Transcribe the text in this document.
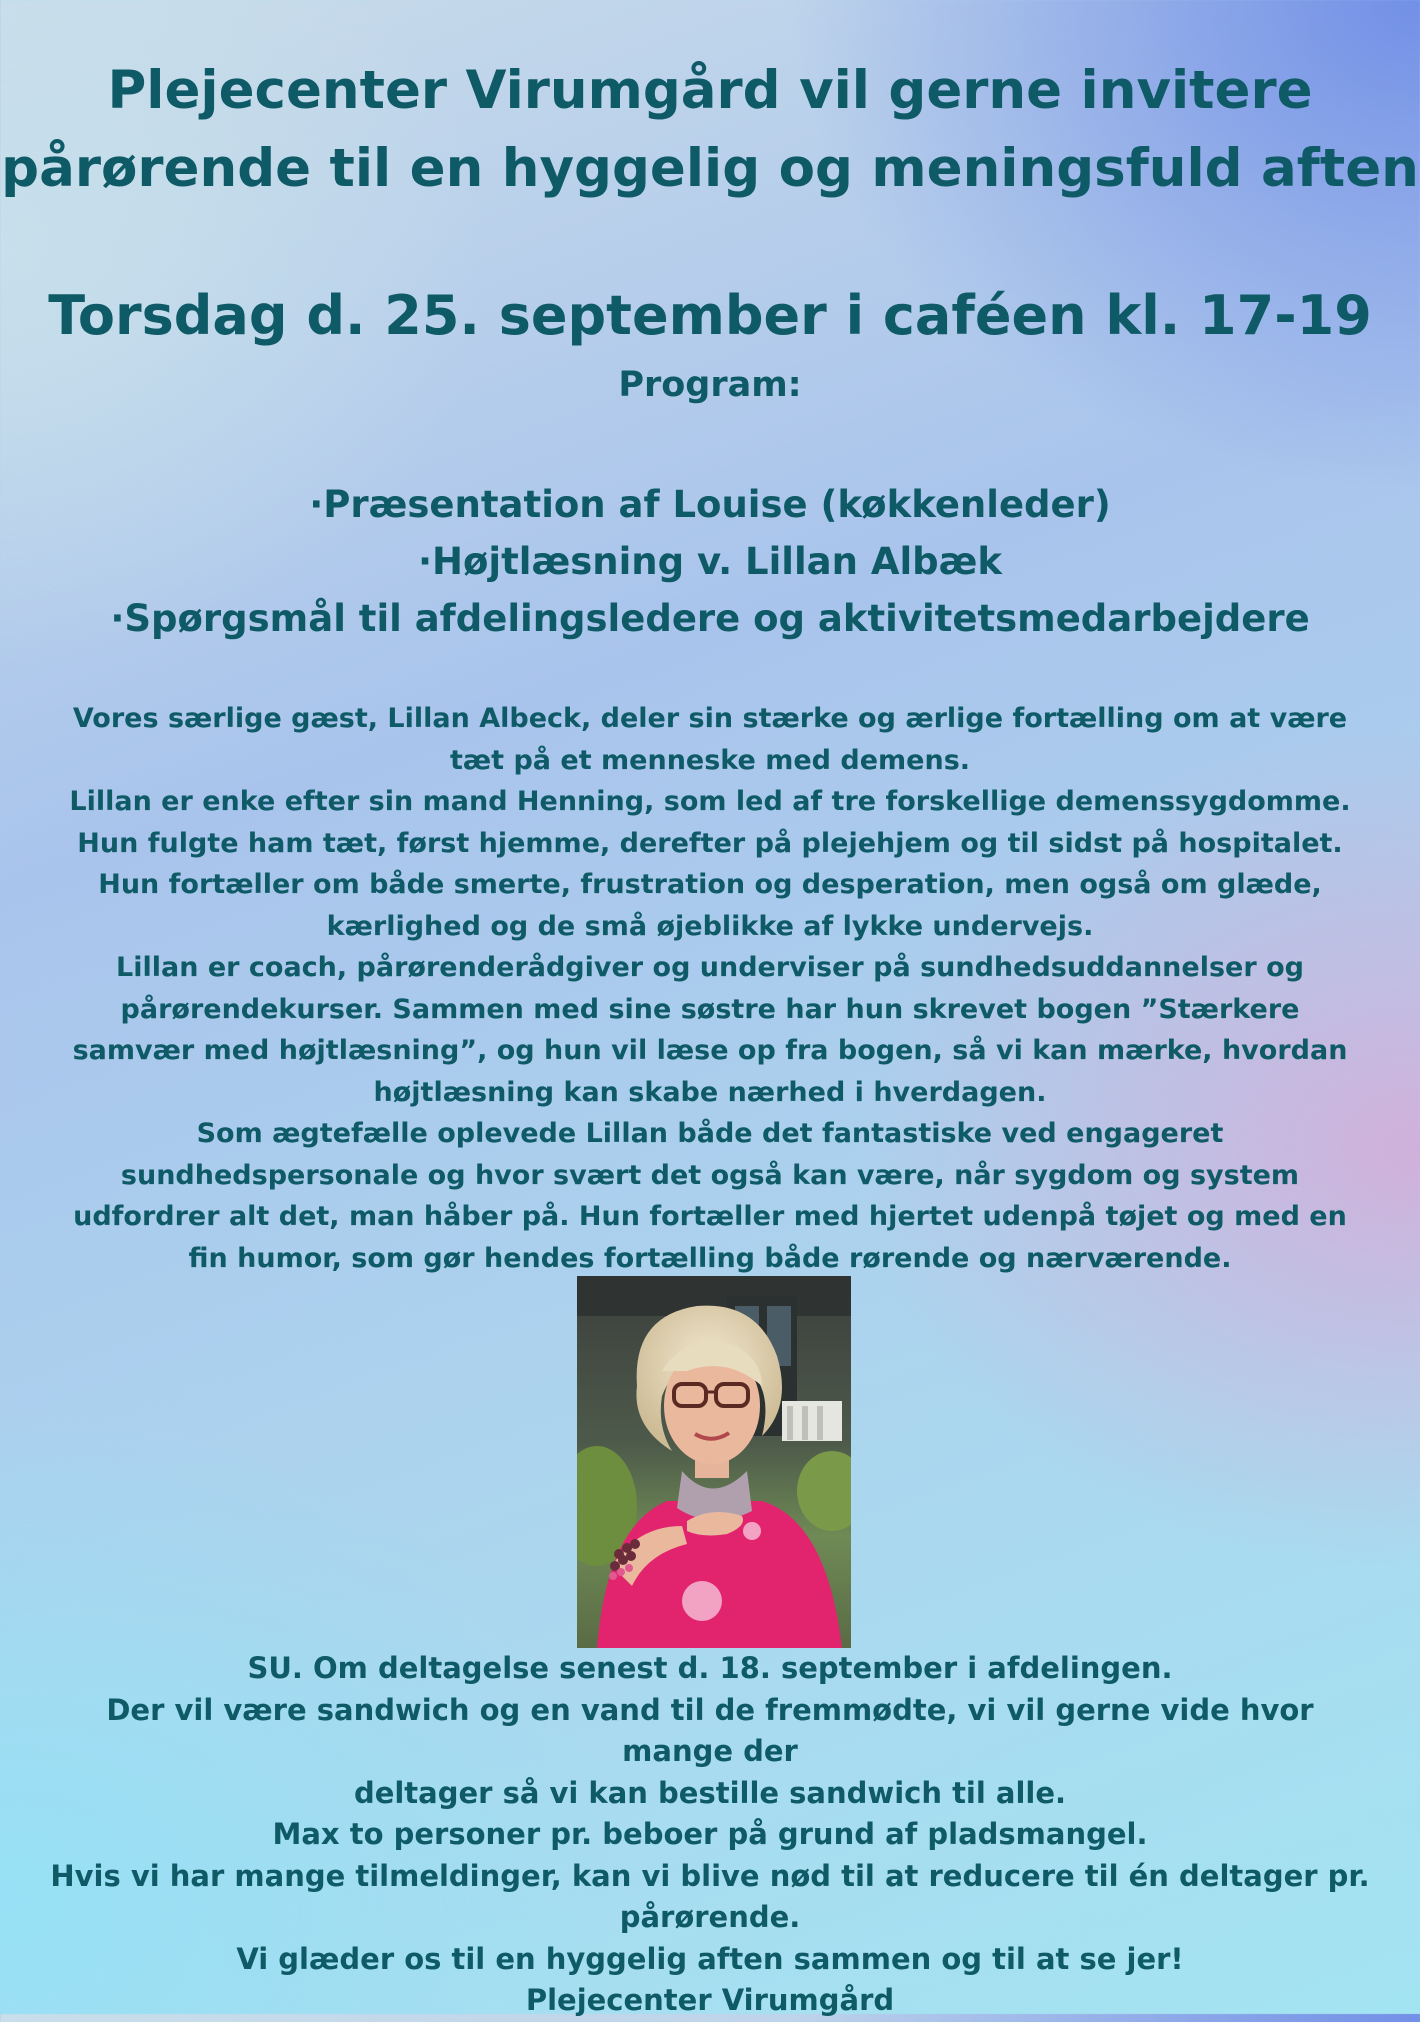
Plejecenter Virumgård vil gerne invitere
pårørende til en hyggelig og meningsfuld aften
Torsdag d. 25. september i caféen kl. 17-19
Program:
·Præsentation af Louise (køkkenleder)
·Højtlæsning v. Lillan Albæk
·Spørgsmål til afdelingsledere og aktivitetsmedarbejdere

Vores særlige gæst, Lillan Albeck, deler sin stærke og ærlige fortælling om at være

tæt på et menneske med demens.

Lillan er enke efter sin mand Henning, som led af tre forskellige demenssygdomme.

Hun fulgte ham tæt, først hjemme, derefter på plejehjem og til sidst på hospitalet.

Hun fortæller om både smerte, frustration og desperation, men også om glæde,

kærlighed og de små øjeblikke af lykke undervejs.

Lillan er coach, pårørenderådgiver og underviser på sundhedsuddannelser og

pårørendekurser. Sammen med sine søstre har hun skrevet bogen ”Stærkere

samvær med højtlæsning”, og hun vil læse op fra bogen, så vi kan mærke, hvordan

højtlæsning kan skabe nærhed i hverdagen.

Som ægtefælle oplevede Lillan både det fantastiske ved engageret

sundhedspersonale og hvor svært det også kan være, når sygdom og system

udfordrer alt det, man håber på. Hun fortæller med hjertet udenpå tøjet og med en

fin humor, som gør hendes fortælling både rørende og nærværende.

SU. Om deltagelse senest d. 18. september i afdelingen.

Der vil være sandwich og en vand til de fremmødte, vi vil gerne vide hvor mange der

deltager så vi kan bestille sandwich til alle.

Max to personer pr. beboer på grund af pladsmangel.

Hvis vi har mange tilmeldinger, kan vi blive nød til at reducere til én deltager pr.

pårørende.

Vi glæder os til en hyggelig aften sammen og til at se jer!

Plejecenter Virumgård
